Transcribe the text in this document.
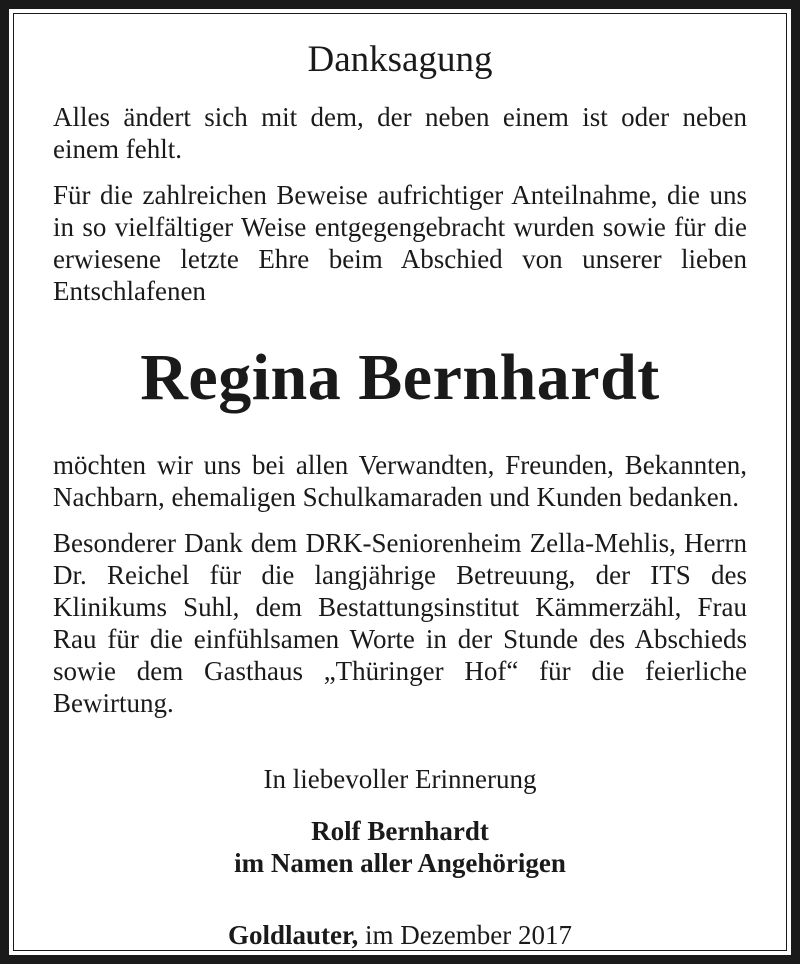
Danksagung

Alles ändert sich mit dem, der neben einem ist oder neben einem fehlt.

Für die zahlreichen Beweise aufrichtiger Anteilnahme, die uns in so vielfältiger Weise entgegengebracht wurden sowie für die erwiesene letzte Ehre beim Abschied von unserer lieben Entschlafenen

Regina Bernhardt

möchten wir uns bei allen Verwandten, Freunden, Bekannten, Nachbarn, ehemaligen Schulkamaraden und Kunden bedanken.

Besonderer Dank dem DRK-Seniorenheim Zella-Mehlis, Herrn Dr. Reichel für die langjährige Betreuung, der ITS des Klinikums Suhl, dem Bestattungsinstitut Kämmerzähl, Frau Rau für die einfühlsamen Worte in der Stunde des Abschieds sowie dem Gasthaus „Thüringer Hof“ für die feierliche Bewirtung.

In liebevoller Erinnerung

Rolf Bernhardt

im Namen aller Angehörigen

Goldlauter, im Dezember 2017
